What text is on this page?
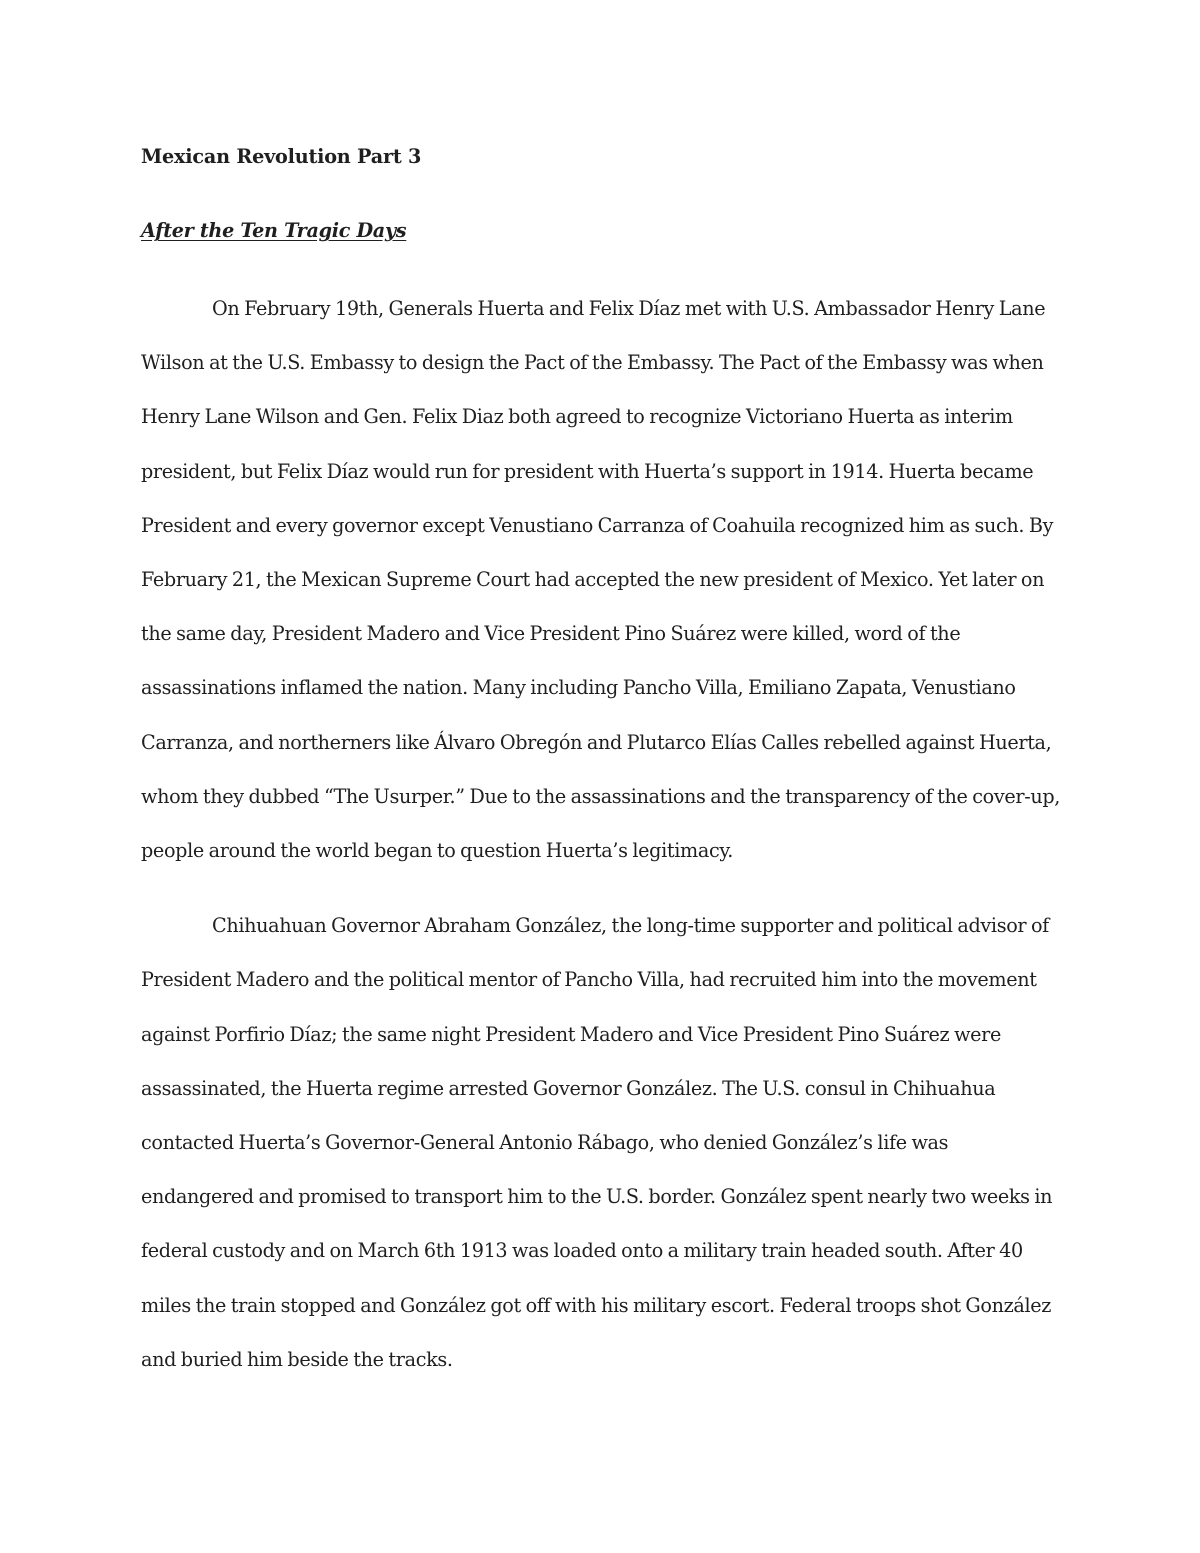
Mexican Revolution Part 3

After the Ten Tragic Days

On February 19th, Generals Huerta and Felix Díaz met with U.S. Ambassador Henry Lane Wilson at the U.S. Embassy to design the Pact of the Embassy. The Pact of the Embassy was when Henry Lane Wilson and Gen. Felix Diaz both agreed to recognize Victoriano Huerta as interim president, but Felix Díaz would run for president with Huerta’s support in 1914. Huerta became President and every governor except Venustiano Carranza of Coahuila recognized him as such. By February 21, the Mexican Supreme Court had accepted the new president of Mexico. Yet later on the same day, President Madero and Vice President Pino Suárez were killed, word of the assassinations inflamed the nation. Many including Pancho Villa, Emiliano Zapata, Venustiano Carranza, and northerners like Álvaro Obregón and Plutarco Elías Calles rebelled against Huerta, whom they dubbed “The Usurper.” Due to the assassinations and the transparency of the cover-up, people around the world began to question Huerta’s legitimacy.

Chihuahuan Governor Abraham González, the long-time supporter and political advisor of President Madero and the political mentor of Pancho Villa, had recruited him into the movement against Porfirio Díaz; the same night President Madero and Vice President Pino Suárez were assassinated, the Huerta regime arrested Governor González. The U.S. consul in Chihuahua contacted Huerta’s Governor-General Antonio Rábago, who denied González’s life was endangered and promised to transport him to the U.S. border. González spent nearly two weeks in federal custody and on March 6th 1913 was loaded onto a military train headed south. After 40 miles the train stopped and González got off with his military escort. Federal troops shot González and buried him beside the tracks.
